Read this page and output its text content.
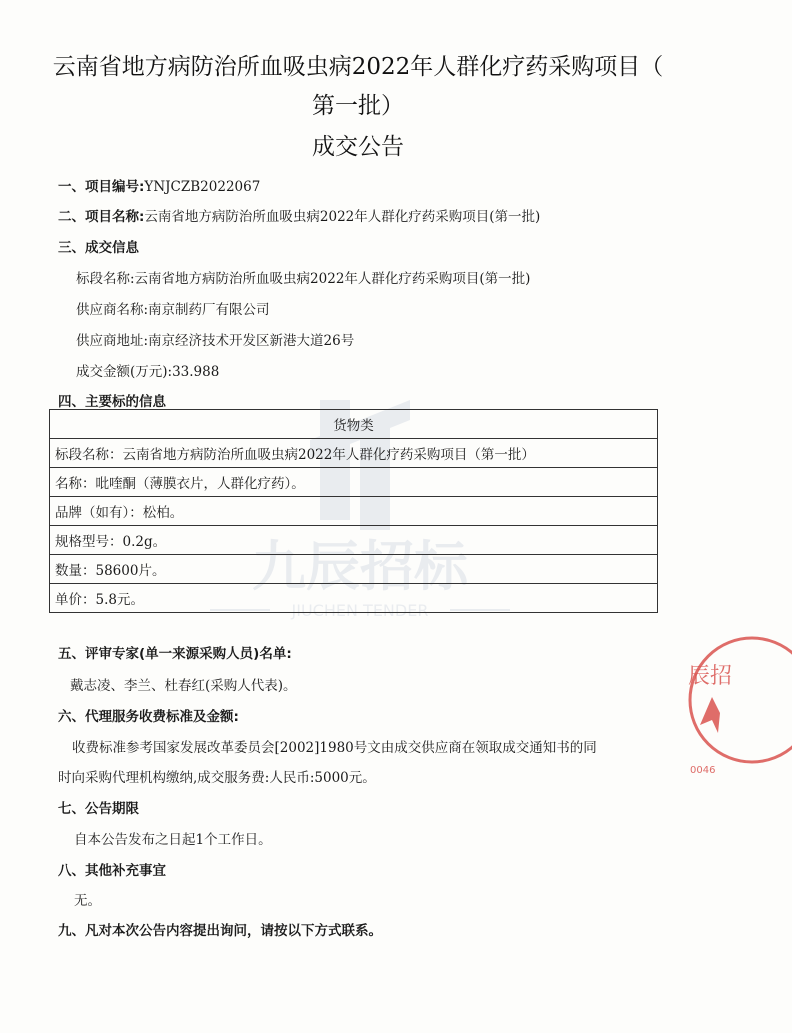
云南省地方病防治所血吸虫病2022年人群化疗药采购项目（
第一批）
成交公告
一、项目编号:YNJCZB2022067
二、项目名称:云南省地方病防治所血吸虫病2022年人群化疗药采购项目(第一批)
三、成交信息
标段名称:云南省地方病防治所血吸虫病2022年人群化疗药采购项目(第一批)
供应商名称:南京制药厂有限公司
供应商地址:南京经济技术开发区新港大道26号
成交金额(万元):33.988
四、主要标的信息
九辰招标
JIUCHEN TENDER
货物类
标段名称：云南省地方病防治所血吸虫病2022年人群化疗药采购项目（第一批）
名称：吡喹酮（薄膜衣片，人群化疗药）。
品牌（如有）：松柏。
规格型号：0.2g。
数量：58600片。
单价：5.8元。
五、评审专家(单一来源采购人员)名单:
戴志凌、李兰、杜春红(采购人代表)。
六、代理服务收费标准及金额:
收费标准参考国家发展改革委员会[2002]1980号文由成交供应商在领取成交通知书的同
时向采购代理机构缴纳,成交服务费:人民币:5000元。
七、公告期限
自本公告发布之日起1个工作日。
八、其他补充事宜
无。
九、凡对本次公告内容提出询问，请按以下方式联系。
辰招
0046
